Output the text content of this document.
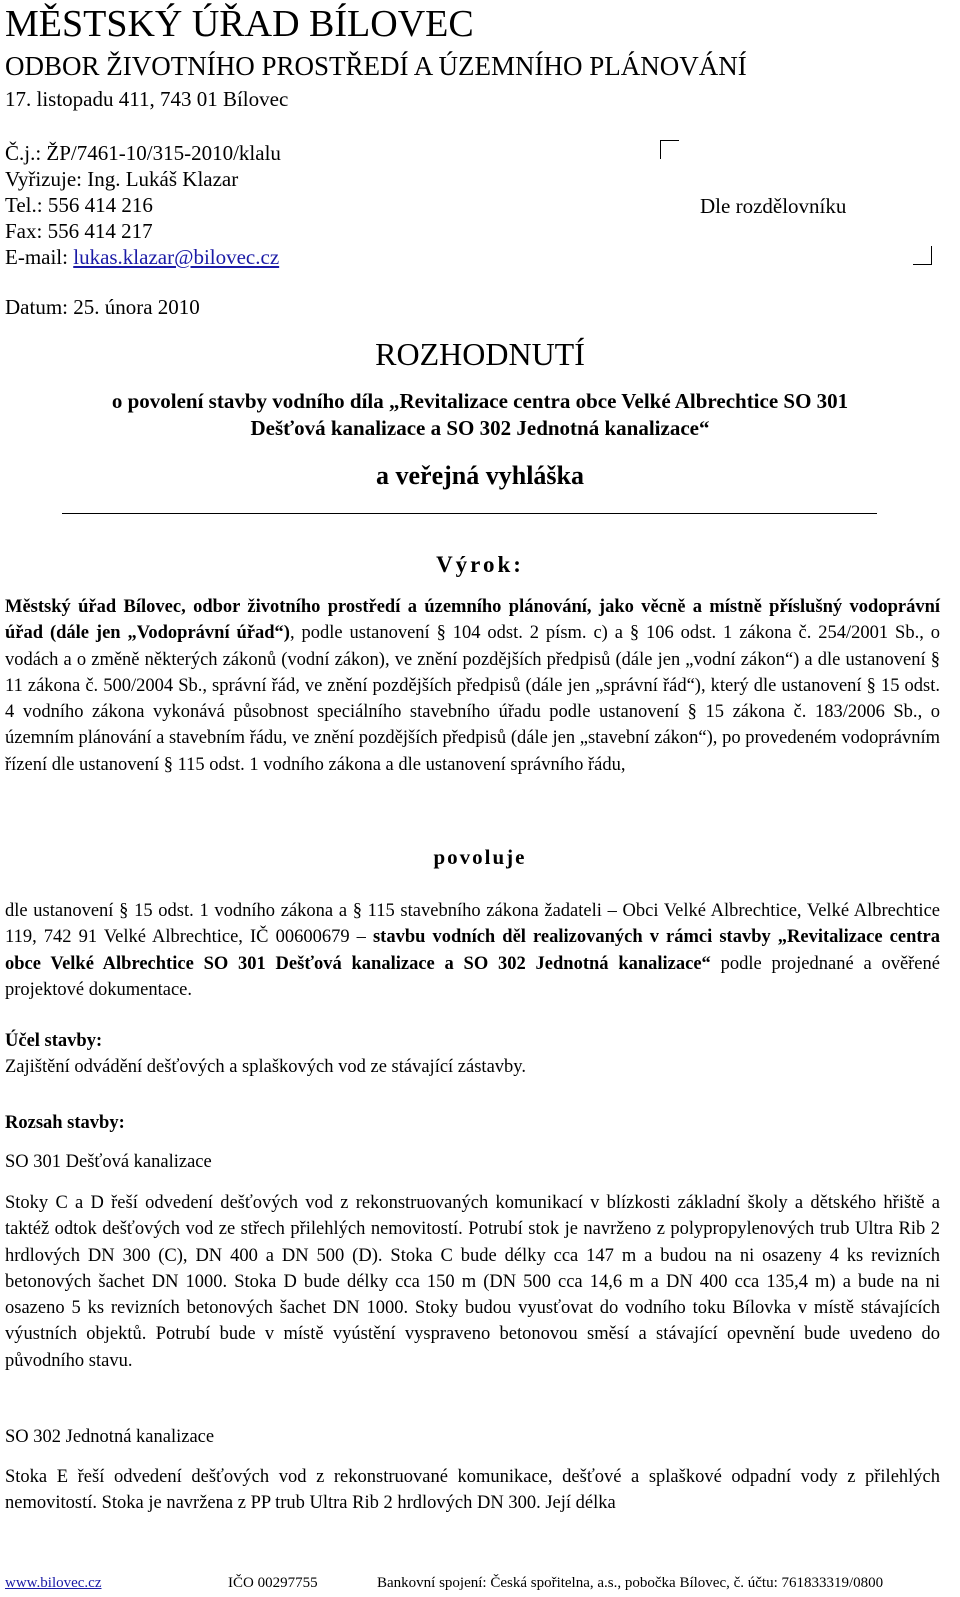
MĚSTSKÝ ÚŘAD BÍLOVEC
ODBOR ŽIVOTNÍHO PROSTŘEDÍ A ÚZEMNÍHO PLÁNOVÁNÍ
17. listopadu 411, 743 01 Bílovec
Č.j.: ŽP/7461-10/315-2010/klalu
Vyřizuje: Ing. Lukáš Klazar
Tel.: 556 414 216
Fax: 556 414 217
E-mail: lukas.klazar@bilovec.cz
Datum: 25. února 2010
Dle rozdělovníku
ROZHODNUTÍ
o povolení stavby vodního díla „Revitalizace centra obce Velké Albrechtice SO 301
Dešťová kanalizace a SO 302 Jednotná kanalizace“
a veřejná vyhláška
Výrok:
Městský úřad Bílovec, odbor životního prostředí a územního plánování, jako věcně a místně příslušný vodoprávní úřad (dále jen „Vodoprávní úřad“), podle ustanovení § 104 odst. 2 písm. c) a § 106 odst. 1 zákona č. 254/2001 Sb., o vodách a o změně některých zákonů (vodní zákon), ve znění pozdějších předpisů (dále jen „vodní zákon“) a dle ustanovení § 11 zákona č. 500/2004 Sb., správní řád, ve znění pozdějších předpisů (dále jen „správní řád“), který dle ustanovení § 15 odst. 4 vodního zákona vykonává působnost speciálního stavebního úřadu podle ustanovení § 15 zákona č. 183/2006 Sb., o územním plánování a stavebním řádu, ve znění pozdějších předpisů (dále jen „stavební zákon“), po provedeném vodoprávním řízení dle ustanovení § 115 odst. 1 vodního zákona a dle ustanovení správního řádu,
povoluje
dle ustanovení § 15 odst. 1 vodního zákona a § 115 stavebního zákona žadateli – Obci Velké Albrechtice, Velké Albrechtice 119, 742 91 Velké Albrechtice, IČ 00600679 – stavbu vodních děl realizovaných v rámci stavby „Revitalizace centra obce Velké Albrechtice SO 301 Dešťová kanalizace a SO 302 Jednotná kanalizace“ podle projednané a ověřené projektové dokumentace.
Účel stavby:
Zajištění odvádění dešťových a splaškových vod ze stávající zástavby.
Rozsah stavby:
SO 301 Dešťová kanalizace
Stoky C a D řeší odvedení dešťových vod z rekonstruovaných komunikací v blízkosti základní školy a dětského hřiště a taktéž odtok dešťových vod ze střech přilehlých nemovitostí. Potrubí stok je navrženo z polypropylenových trub Ultra Rib 2 hrdlových DN 300 (C), DN 400 a DN 500 (D). Stoka C bude délky cca 147 m a budou na ni osazeny 4 ks revizních betonových šachet DN 1000. Stoka D bude délky cca 150 m (DN 500 cca 14,6 m a DN 400 cca 135,4 m) a bude na ni osazeno 5 ks revizních betonových šachet DN 1000. Stoky budou vyusťovat do vodního toku Bílovka v místě stávajících výustních objektů. Potrubí bude v místě vyústění vyspraveno betonovou směsí a stávající opevnění bude uvedeno do původního stavu.
SO 302 Jednotná kanalizace
Stoka E řeší odvedení dešťových vod z rekonstruované komunikace, dešťové a splaškové odpadní vody z přilehlých nemovitostí. Stoka je navržena z PP trub Ultra Rib 2 hrdlových DN 300. Její délka
www.bilovec.cz	IČO 00297755	Bankovní spojení: Česká spořitelna, a.s., pobočka Bílovec, č. účtu: 761833319/0800
